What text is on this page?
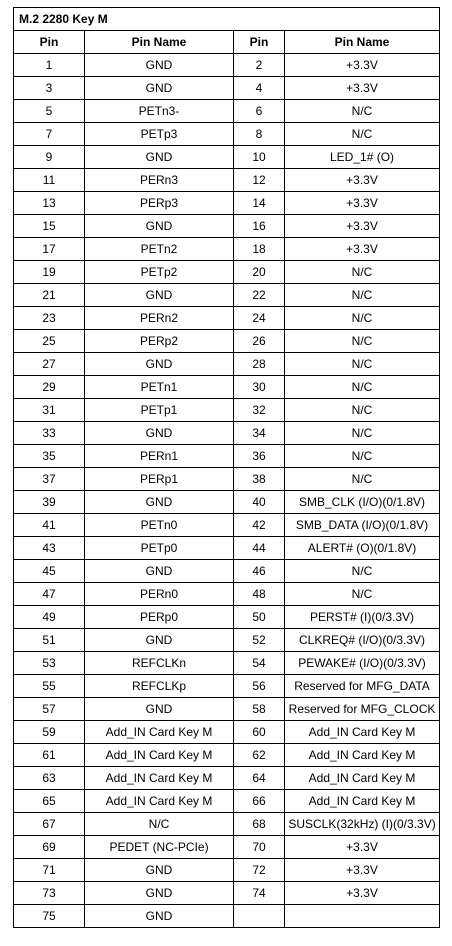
M.2 2280 Key M			
Pin	Pin Name	Pin	Pin Name
1	GND	2	+3.3V
3	GND	4	+3.3V
5	PETn3-	6	N/C
7	PETp3	8	N/C
9	GND	10	LED_1# (O)
11	PERn3	12	+3.3V
13	PERp3	14	+3.3V
15	GND	16	+3.3V
17	PETn2	18	+3.3V
19	PETp2	20	N/C
21	GND	22	N/C
23	PERn2	24	N/C
25	PERp2	26	N/C
27	GND	28	N/C
29	PETn1	30	N/C
31	PETp1	32	N/C
33	GND	34	N/C
35	PERn1	36	N/C
37	PERp1	38	N/C
39	GND	40	SMB_CLK (I/O)(0/1.8V)
41	PETn0	42	SMB_DATA (I/O)(0/1.8V)
43	PETp0	44	ALERT# (O)(0/1.8V)
45	GND	46	N/C
47	PERn0	48	N/C
49	PERp0	50	PERST# (I)(0/3.3V)
51	GND	52	CLKREQ# (I/O)(0/3.3V)
53	REFCLKn	54	PEWAKE# (I/O)(0/3.3V)
55	REFCLKp	56	Reserved for MFG_DATA
57	GND	58	Reserved for MFG_CLOCK
59	Add_IN Card Key M	60	Add_IN Card Key M
61	Add_IN Card Key M	62	Add_IN Card Key M
63	Add_IN Card Key M	64	Add_IN Card Key M
65	Add_IN Card Key M	66	Add_IN Card Key M
67	N/C	68	SUSCLK(32kHz) (I)(0/3.3V)
69	PEDET (NC-PCIe)	70	+3.3V
71	GND	72	+3.3V
73	GND	74	+3.3V
75	GND		
